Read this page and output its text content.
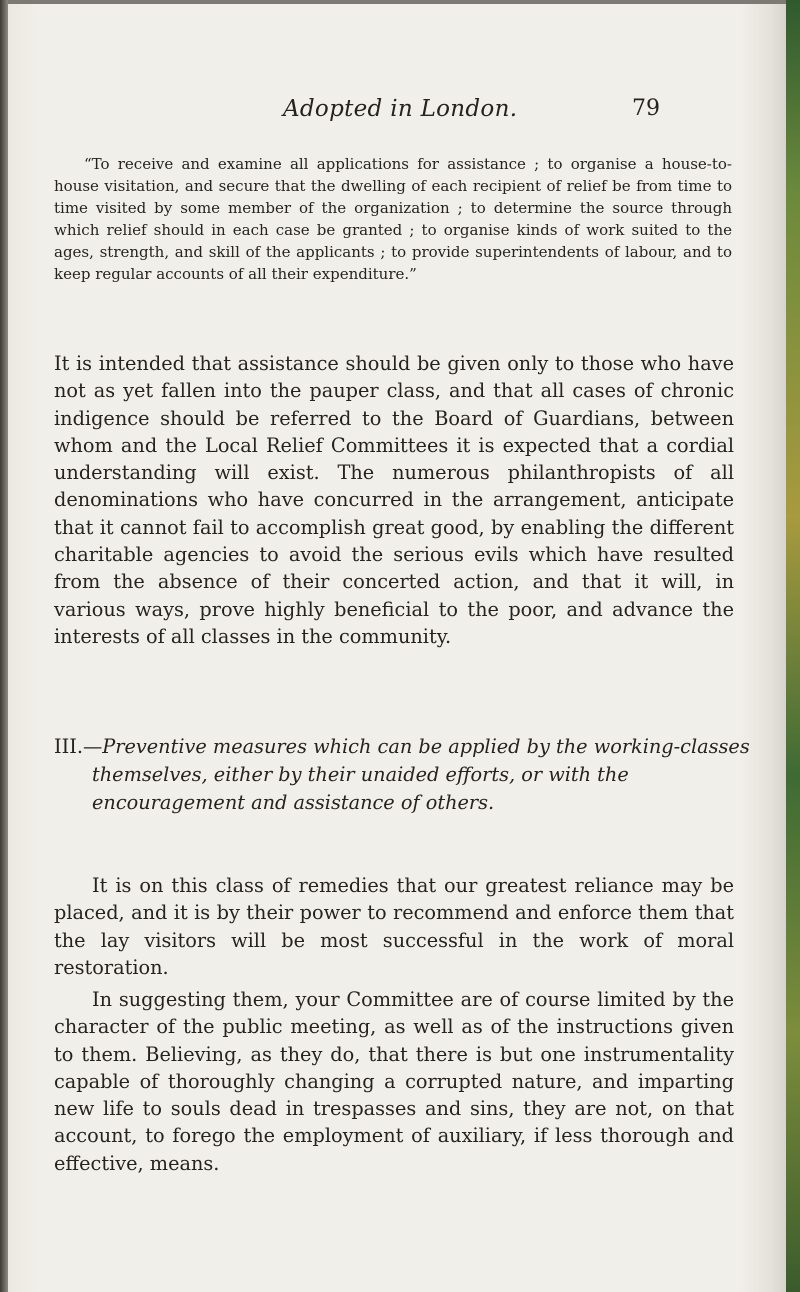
Adopted in London.	79

“To receive and examine all applications for assistance ; to organise a house-to-house visitation, and secure that the dwelling of each recipient of relief be from time to time visited by some member of the organization ; to determine the source through which relief should in each case be granted ; to organise kinds of work suited to the ages, strength, and skill of the applicants ; to provide superintendents of labour, and to keep regular accounts of all their expenditure.”

It is intended that assistance should be given only to those who have not as yet fallen into the pauper class, and that all cases of chronic indigence should be referred to the Board of Guardians, between whom and the Local Relief Committees it is expected that a cordial understanding will exist. The numerous philanthropists of all denominations who have concurred in the arrangement, anticipate that it cannot fail to accomplish great good, by enabling the different charitable agencies to avoid the serious evils which have resulted from the absence of their concerted action, and that it will, in various ways, prove highly beneficial to the poor, and advance the interests of all classes in the community.

III.—Preventive measures which can be applied by the working-classes themselves, either by their unaided efforts, or with the encouragement and assistance of others.

It is on this class of remedies that our greatest reliance may be placed, and it is by their power to recommend and enforce them that the lay visitors will be most successful in the work of moral restoration.

In suggesting them, your Committee are of course limited by the character of the public meeting, as well as of the instructions given to them. Believing, as they do, that there is but one instrumentality capable of thoroughly changing a corrupted nature, and imparting new life to souls dead in trespasses and sins, they are not, on that account, to forego the employment of auxiliary, if less thorough and effective, means.
